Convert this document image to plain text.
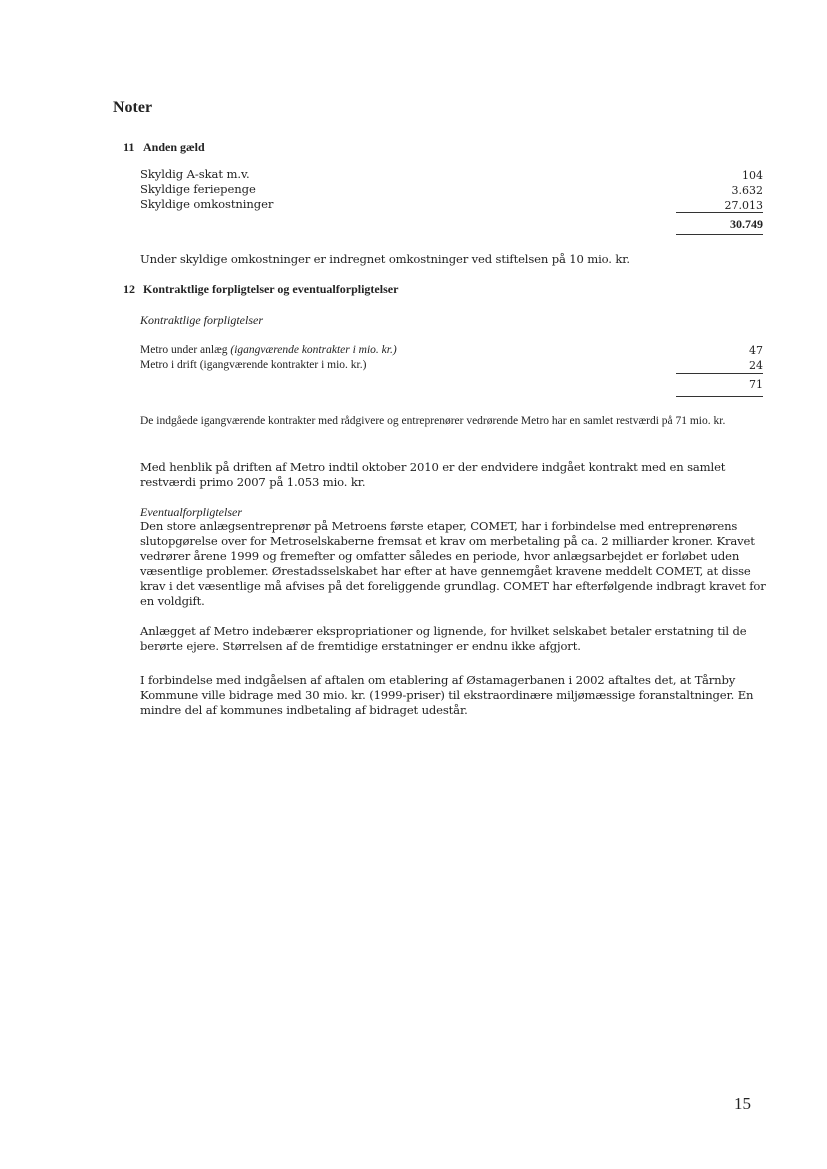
Noter
11 Anden gæld
Skyldig A-skat m.v.
Skyldige feriepenge
Skyldige omkostninger
104
3.632
27.013
30.749
Under skyldige omkostninger er indregnet omkostninger ved stiftelsen på 10 mio. kr.
12 Kontraktlige forpligtelser og eventualforpligtelser
Kontraktlige forpligtelser
Metro under anlæg (igangværende kontrakter i mio. kr.)
Metro i drift (igangværende kontrakter i mio. kr.)
47
24
71
De indgåede igangværende kontrakter med rådgivere og entreprenører vedrørende Metro har en samlet restværdi på 71 mio. kr.
Med henblik på driften af Metro indtil oktober 2010 er der endvidere indgået kontrakt med en samlet restværdi primo 2007 på 1.053 mio. kr.
Eventualforpligtelser
Den store anlægsentreprenør på Metroens første etaper, COMET, har i forbindelse med entreprenørens slutopgørelse over for Metroselskaberne fremsat et krav om merbetaling på ca. 2 milliarder kroner. Kravet vedrører årene 1999 og fremefter og omfatter således en periode, hvor anlægsarbejdet er forløbet uden væsentlige problemer. Ørestadsselskabet har efter at have gennemgået kravene meddelt COMET, at disse krav i det væsentlige må afvises på det foreliggende grundlag. COMET har efterfølgende indbragt kravet for en voldgift.
Anlægget af Metro indebærer ekspropriationer og lignende, for hvilket selskabet betaler erstatning til de berørte ejere. Størrelsen af de fremtidige erstatninger er endnu ikke afgjort.
I forbindelse med indgåelsen af aftalen om etablering af Østamagerbanen i 2002 aftaltes det, at Tårnby Kommune ville bidrage med 30 mio. kr. (1999-priser) til ekstraordinære miljømæssige foranstaltninger. En mindre del af kommunes indbetaling af bidraget udestår.
15
